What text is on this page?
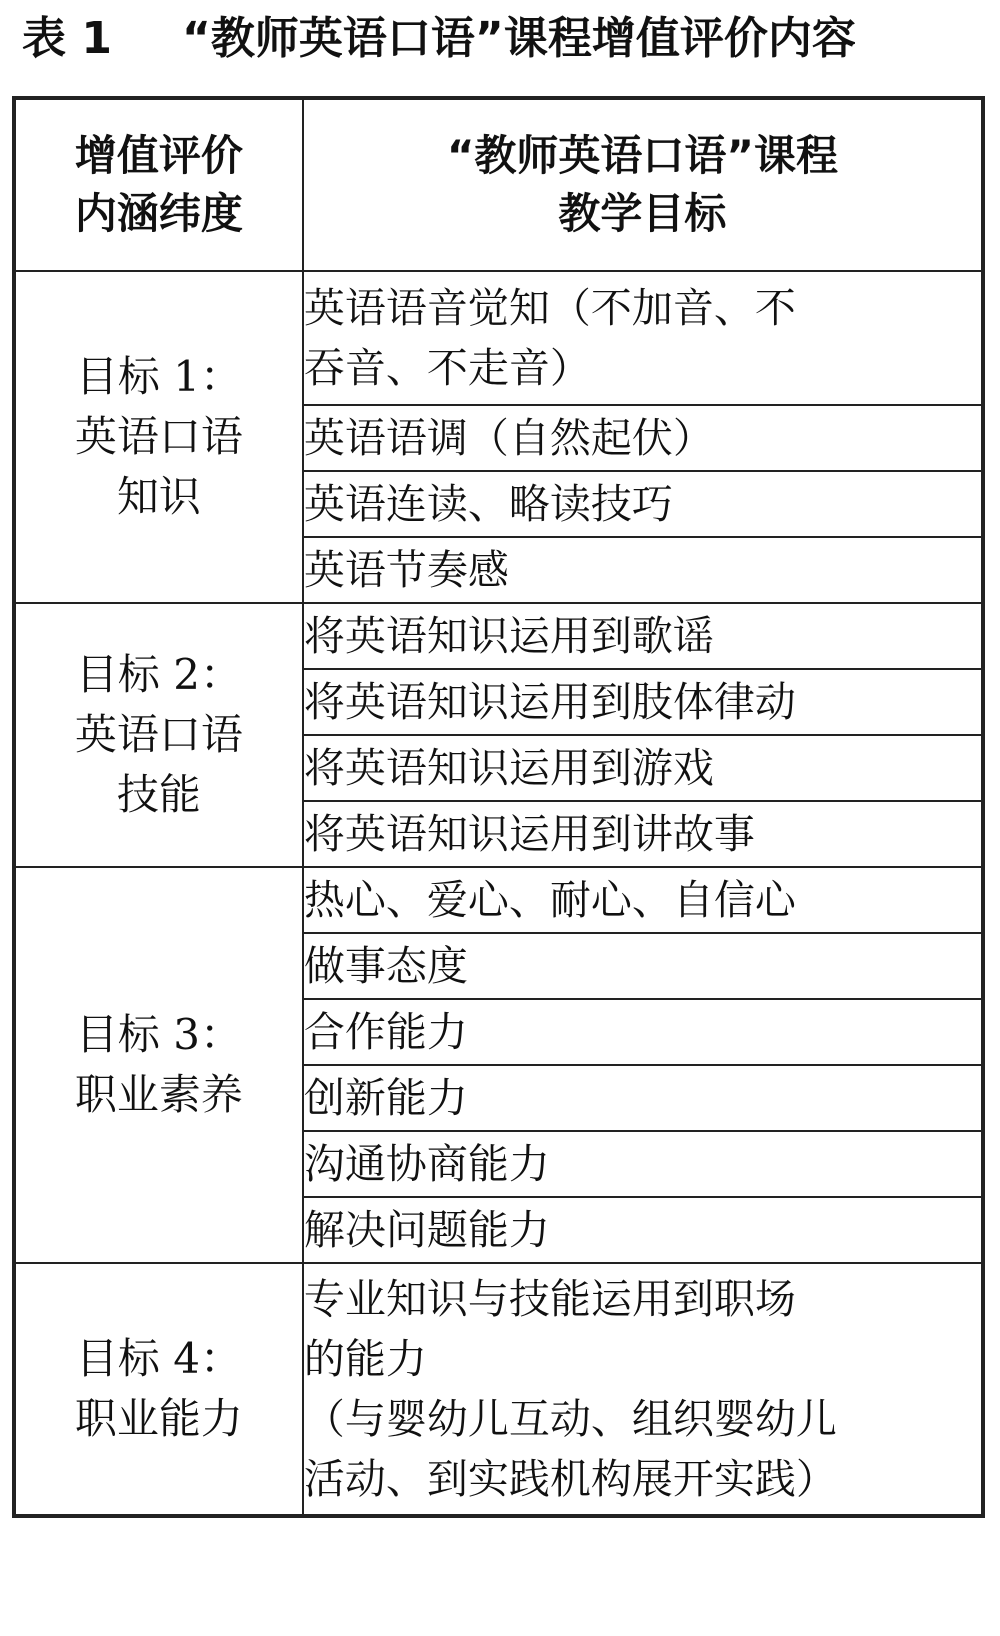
表 1 “教师英语口语”课程增值评价内容
增值评价
内涵纬度	“教师英语口语”课程
教学目标

目标 1：
英语口语
知识	英语语音觉知（不加音、不
吞音、不走音）
	英语语调（自然起伏）
	英语连读、略读技巧
	英语节奏感

目标 2：
英语口语
技能	将英语知识运用到歌谣
	将英语知识运用到肢体律动
	将英语知识运用到游戏
	将英语知识运用到讲故事

目标 3：
职业素养	热心、爱心、耐心、自信心
	做事态度
	合作能力
	创新能力
	沟通协商能力
	解决问题能力

目标 4：
职业能力	专业知识与技能运用到职场
的能力
（与婴幼儿互动、组织婴幼儿
活动、到实践机构展开实践）
